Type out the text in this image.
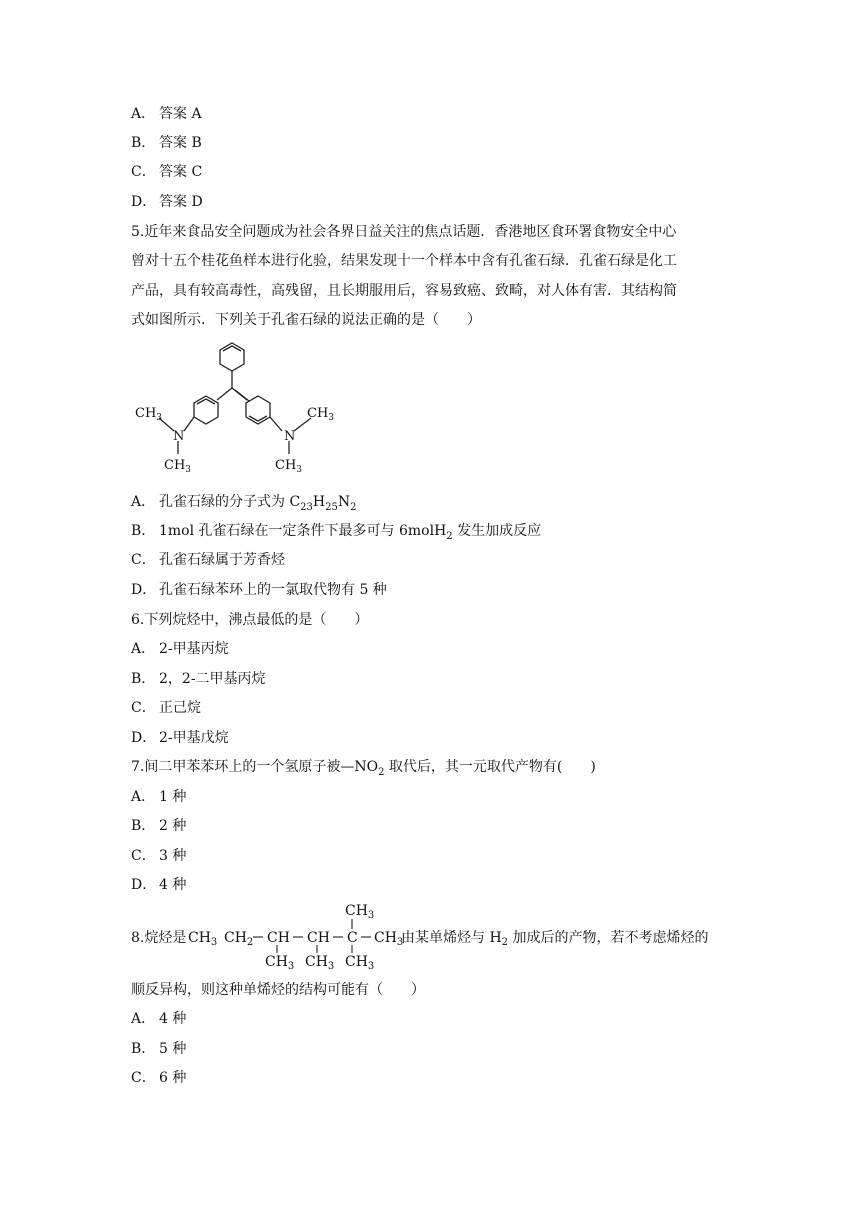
A． 答案 A
B． 答案 B
C． 答案 C
D． 答案 D
5.近年来食品安全问题成为社会各界日益关注的焦点话题．香港地区食环署食物安全中心
曾对十五个桂花鱼样本进行化验，结果发现十一个样本中含有孔雀石绿．孔雀石绿是化工
产品，具有较高毒性，高残留，且长期服用后，容易致癌、致畸，对人体有害．其结构简
式如图所示．下列关于孔雀石绿的说法正确的是（　　）
$CH_3$
N
$CH_3$
N
$CH_3$
$CH_3$
A． 孔雀石绿的分子式为 $C_{23}H_{25}N_2$
B． 1mol 孔雀石绿在一定条件下最多可与 6molH$_2$ 发生加成反应
C． 孔雀石绿属于芳香烃
D． 孔雀石绿苯环上的一氯取代物有 5 种
6.下列烷烃中，沸点最低的是（　　）
A． 2-甲基丙烷
B． 2，2-二甲基丙烷
C． 正己烷
D． 2-甲基戊烷
7.间二甲苯苯环上的一个氢原子被$—NO_2$ 取代后，其一元取代产物有(　　)
A． 1 种
B． 2 种
C． 3 种
D． 4 种
8.烷烃是 $CH_3$ $CH_2$ CH CH C $CH_3$
$CH_3$
$CH_3$ $CH_3$ $CH_3$
由某单烯烃与 $H_2$ 加成后的产物，若不考虑烯烃的
顺反异构，则这种单烯烃的结构可能有（　　）
A． 4 种
B． 5 种
C． 6 种
